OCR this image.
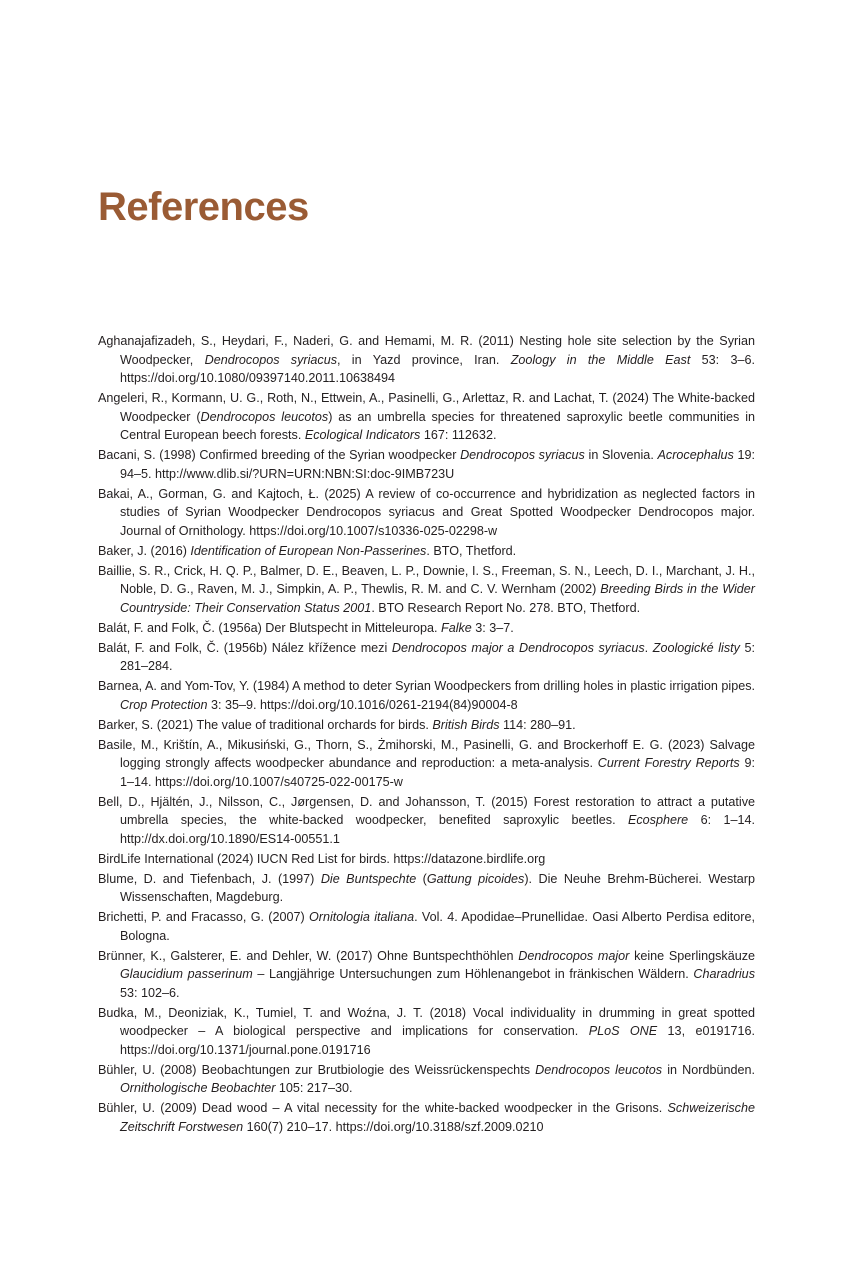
References
Aghanajafizadeh, S., Heydari, F., Naderi, G. and Hemami, M. R. (2011) Nesting hole site selection by the Syrian Woodpecker, Dendrocopos syriacus, in Yazd province, Iran. Zoology in the Middle East 53: 3–6. https://doi.org/10.1080/09397140.2011.10638494
Angeleri, R., Kormann, U. G., Roth, N., Ettwein, A., Pasinelli, G., Arlettaz, R. and Lachat, T. (2024) The White-backed Woodpecker (Dendrocopos leucotos) as an umbrella species for threatened saproxylic beetle communities in Central European beech forests. Ecological Indicators 167: 112632.
Bacani, S. (1998) Confirmed breeding of the Syrian woodpecker Dendrocopos syriacus in Slovenia. Acrocephalus 19: 94–5. http://www.dlib.si/?URN=URN:NBN:SI:doc-9IMB723U
Bakai, A., Gorman, G. and Kajtoch, Ł. (2025) A review of co-occurrence and hybridization as neglected factors in studies of Syrian Woodpecker Dendrocopos syriacus and Great Spotted Woodpecker Dendrocopos major. Journal of Ornithology. https://doi.org/10.1007/s10336-025-02298-w
Baker, J. (2016) Identification of European Non-Passerines. BTO, Thetford.
Baillie, S. R., Crick, H. Q. P., Balmer, D. E., Beaven, L. P., Downie, I. S., Freeman, S. N., Leech, D. I., Marchant, J. H., Noble, D. G., Raven, M. J., Simpkin, A. P., Thewlis, R. M. and C. V. Wernham (2002) Breeding Birds in the Wider Countryside: Their Conservation Status 2001. BTO Research Report No. 278. BTO, Thetford.
Balát, F. and Folk, Č. (1956a) Der Blutspecht in Mitteleuropa. Falke 3: 3–7.
Balát, F. and Folk, Č. (1956b) Nález křížence mezi Dendrocopos major a Dendrocopos syriacus. Zoologické listy 5: 281–284.
Barnea, A. and Yom-Tov, Y. (1984) A method to deter Syrian Woodpeckers from drilling holes in plastic irrigation pipes. Crop Protection 3: 35–9. https://doi.org/10.1016/0261-2194(84)90004-8
Barker, S. (2021) The value of traditional orchards for birds. British Birds 114: 280–91.
Basile, M., Krištín, A., Mikusiński, G., Thorn, S., Żmihorski, M., Pasinelli, G. and Brockerhoff E. G. (2023) Salvage logging strongly affects woodpecker abundance and reproduction: a meta-analysis. Current Forestry Reports 9: 1–14. https://doi.org/10.1007/s40725-022-00175-w
Bell, D., Hjältén, J., Nilsson, C., Jørgensen, D. and Johansson, T. (2015) Forest restoration to attract a putative umbrella species, the white-backed woodpecker, benefited saproxylic beetles. Ecosphere 6: 1–14. http://dx.doi.org/10.1890/ES14-00551.1
BirdLife International (2024) IUCN Red List for birds. https://datazone.birdlife.org
Blume, D. and Tiefenbach, J. (1997) Die Buntspechte (Gattung picoides). Die Neuhe Brehm-Bücherei. Westarp Wissenschaften, Magdeburg.
Brichetti, P. and Fracasso, G. (2007) Ornitologia italiana. Vol. 4. Apodidae–Prunellidae. Oasi Alberto Perdisa editore, Bologna.
Brünner, K., Galsterer, E. and Dehler, W. (2017) Ohne Buntspechthöhlen Dendrocopos major keine Sperlingskäuze Glaucidium passerinum – Langjährige Untersuchungen zum Höhlenangebot in fränkischen Wäldern. Charadrius 53: 102–6.
Budka, M., Deoniziak, K., Tumiel, T. and Woźna, J. T. (2018) Vocal individuality in drumming in great spotted woodpecker – A biological perspective and implications for conservation. PLoS ONE 13, e0191716. https://doi.org/10.1371/journal.pone.0191716
Bühler, U. (2008) Beobachtungen zur Brutbiologie des Weissrückenspechts Dendrocopos leucotos in Nordbünden. Ornithologische Beobachter 105: 217–30.
Bühler, U. (2009) Dead wood – A vital necessity for the white-backed woodpecker in the Grisons. Schweizerische Zeitschrift Forstwesen 160(7) 210–17. https://doi.org/10.3188/szf.2009.0210
